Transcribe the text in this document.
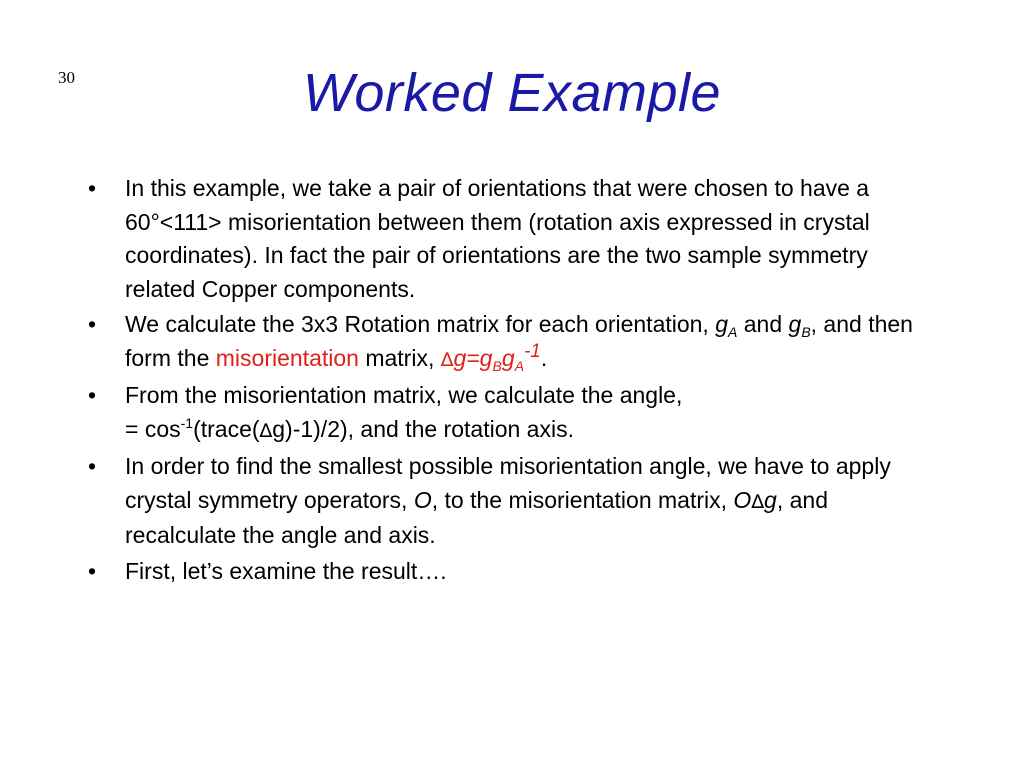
30	Worked Example
•	In this example, we take a pair of orientations that were chosen to have a 60°<111> misorientation between them (rotation axis expressed in crystal coordinates). In fact the pair of orientations are the two sample symmetry related Copper components.
•	We calculate the 3x3 Rotation matrix for each orientation, $g_A$ and $g_B$, and then form the misorientation matrix, $\Delta g=g_Bg_A^{-1}$.
•	From the misorientation matrix, we calculate the angle,
= $\cos^{-1}(trace(\Delta g)-1)/2$), and the rotation axis.
•	In order to find the smallest possible misorientation angle, we have to apply crystal symmetry operators, O, to the misorientation matrix, O∆g, and recalculate the angle and axis.
•	First, let’s examine the result….
